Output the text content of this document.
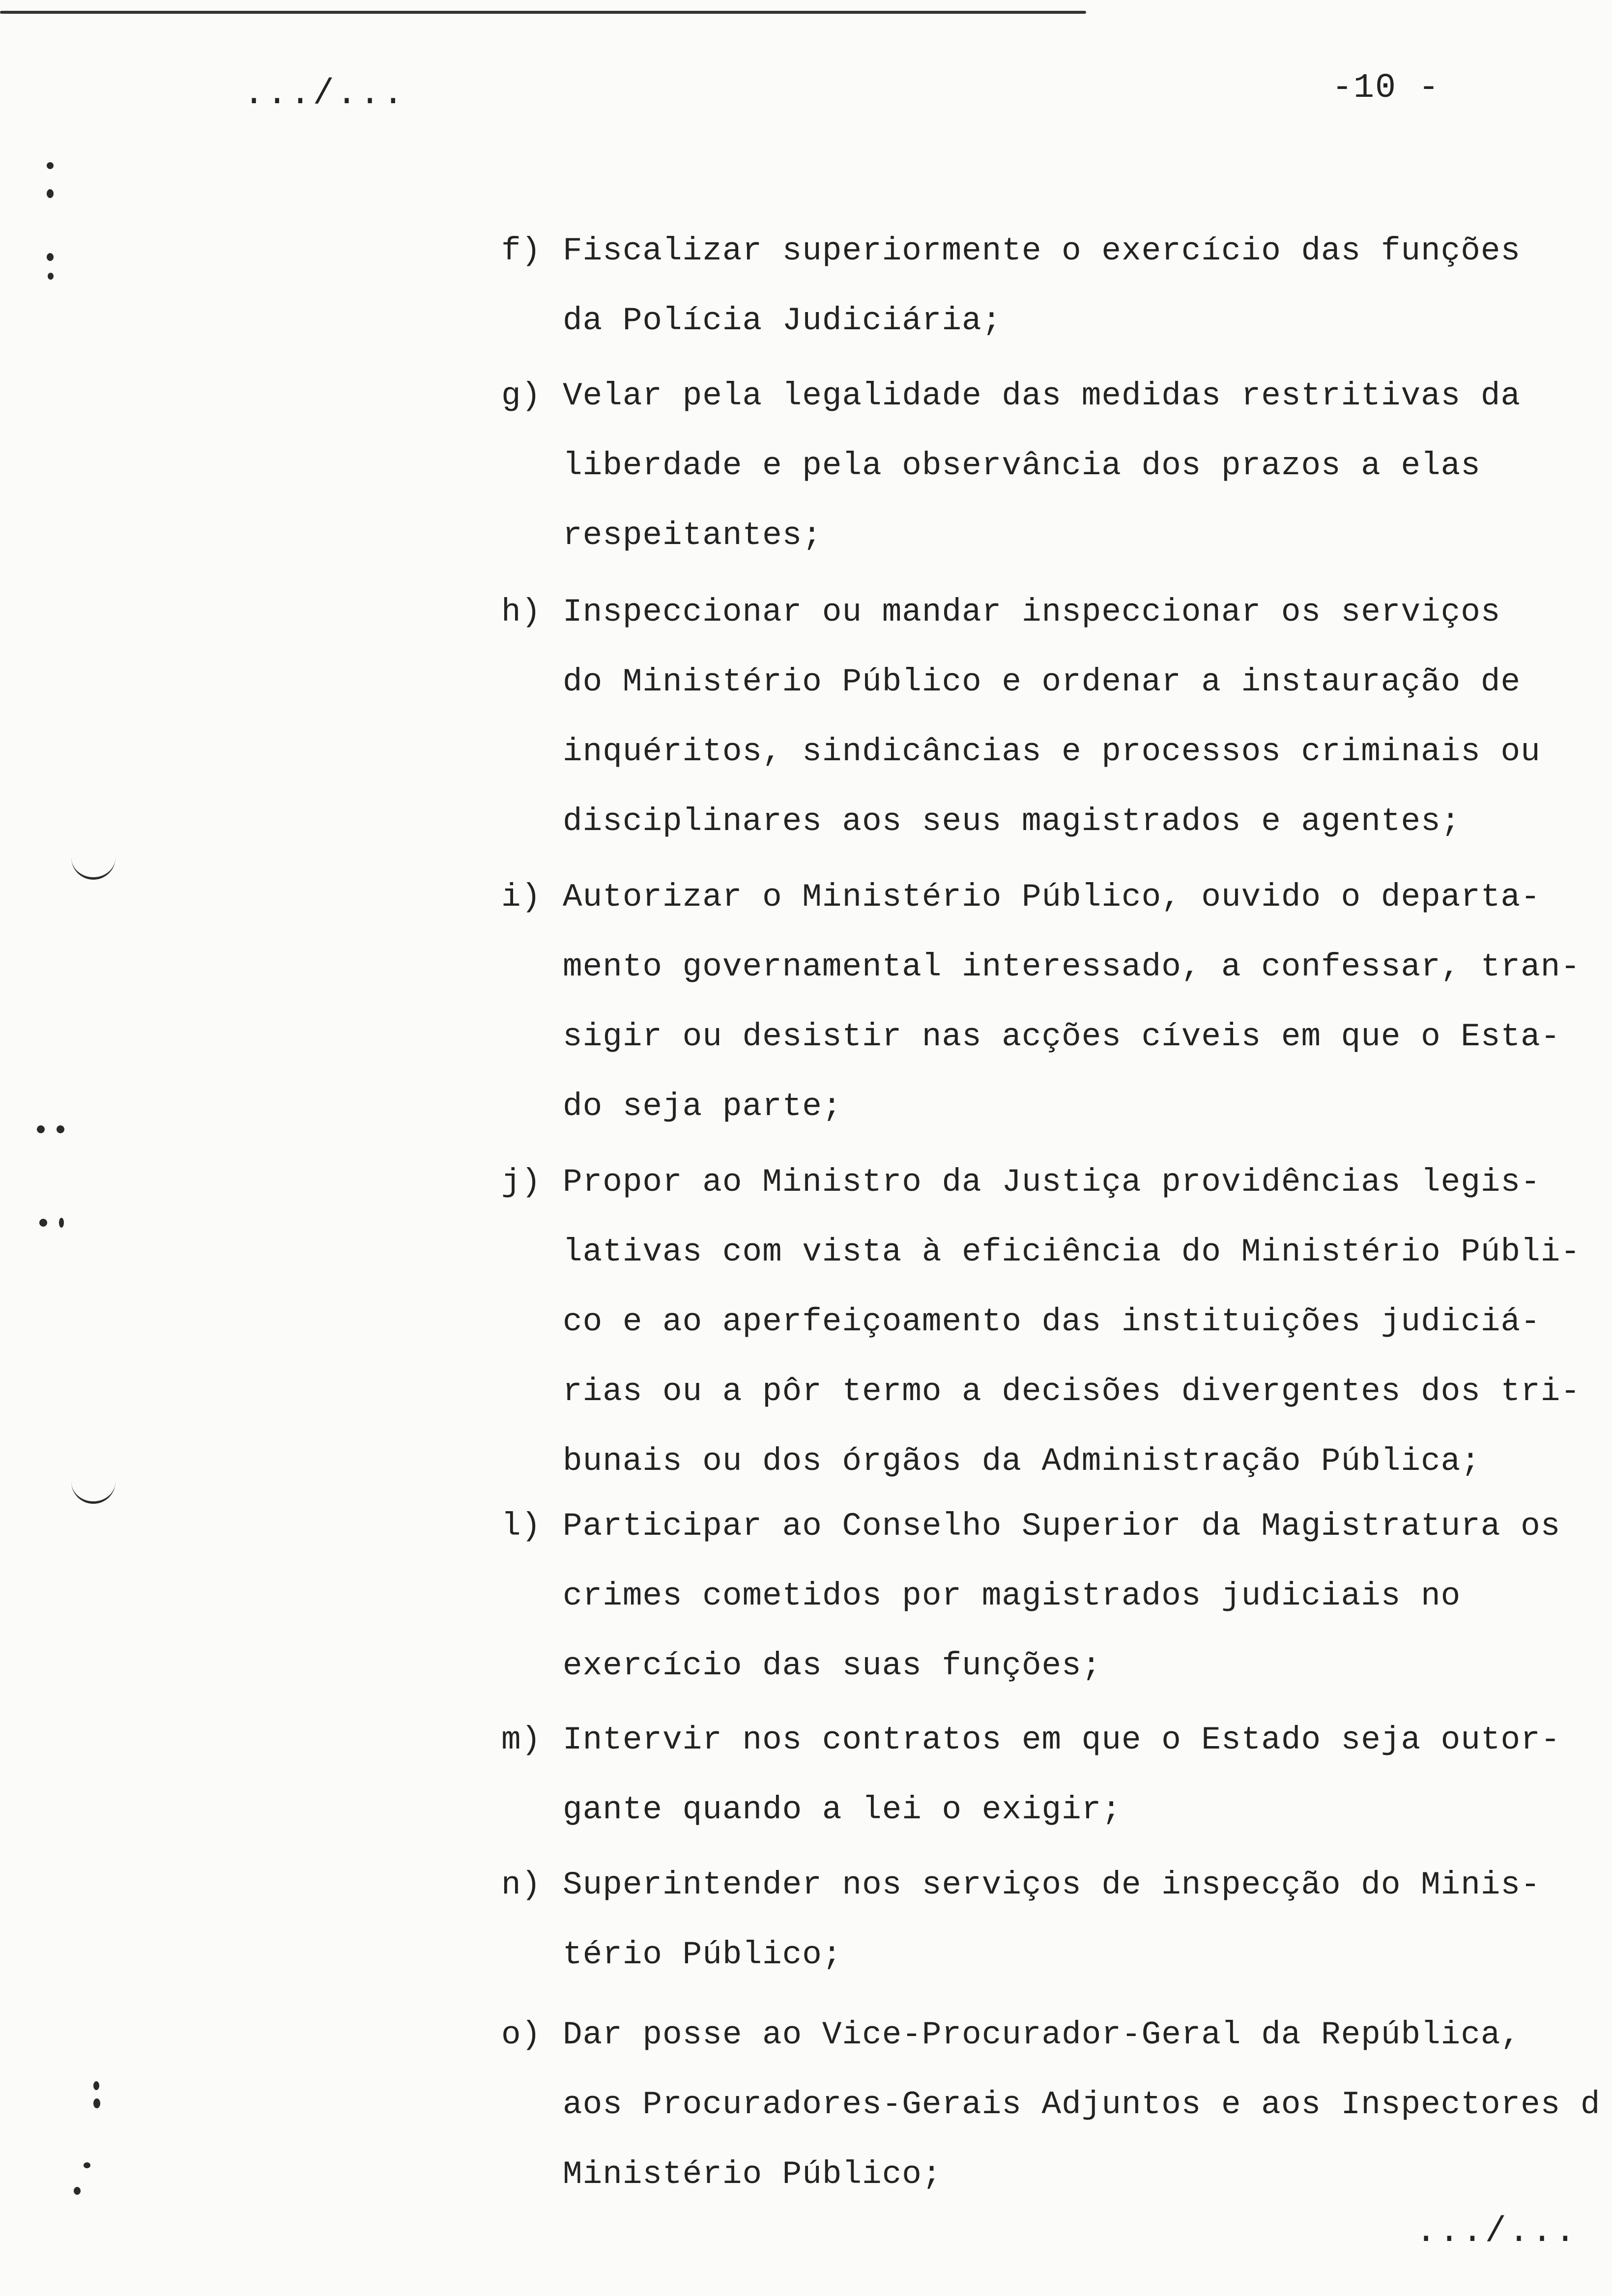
.../...	-10 -
f) Fiscalizar superiormente o exercício das funções
da Polícia Judiciária;
g) Velar pela legalidade das medidas restritivas da
liberdade e pela observância dos prazos a elas
respeitantes;
h) Inspeccionar ou mandar inspeccionar os serviços
do Ministério Público e ordenar a instauração de
inquéritos, sindicâncias e processos criminais ou
disciplinares aos seus magistrados e agentes;
i) Autorizar o Ministério Público, ouvido o departa-
mento governamental interessado, a confessar, tran-
sigir ou desistir nas acções cíveis em que o Esta-
do seja parte;
j) Propor ao Ministro da Justiça providências legis-
lativas com vista à eficiência do Ministério Públi-
co e ao aperfeiçoamento das instituições judiciá-
rias ou a pôr termo a decisões divergentes dos tri-
bunais ou dos órgãos da Administração Pública;
l) Participar ao Conselho Superior da Magistratura os
crimes cometidos por magistrados judiciais no
exercício das suas funções;
m) Intervir nos contratos em que o Estado seja outor-
gante quando a lei o exigir;
n) Superintender nos serviços de inspecção do Minis-
tério Público;
o) Dar posse ao Vice-Procurador-Geral da República,
aos Procuradores-Gerais Adjuntos e aos Inspectores d
Ministério Público;
.../...
